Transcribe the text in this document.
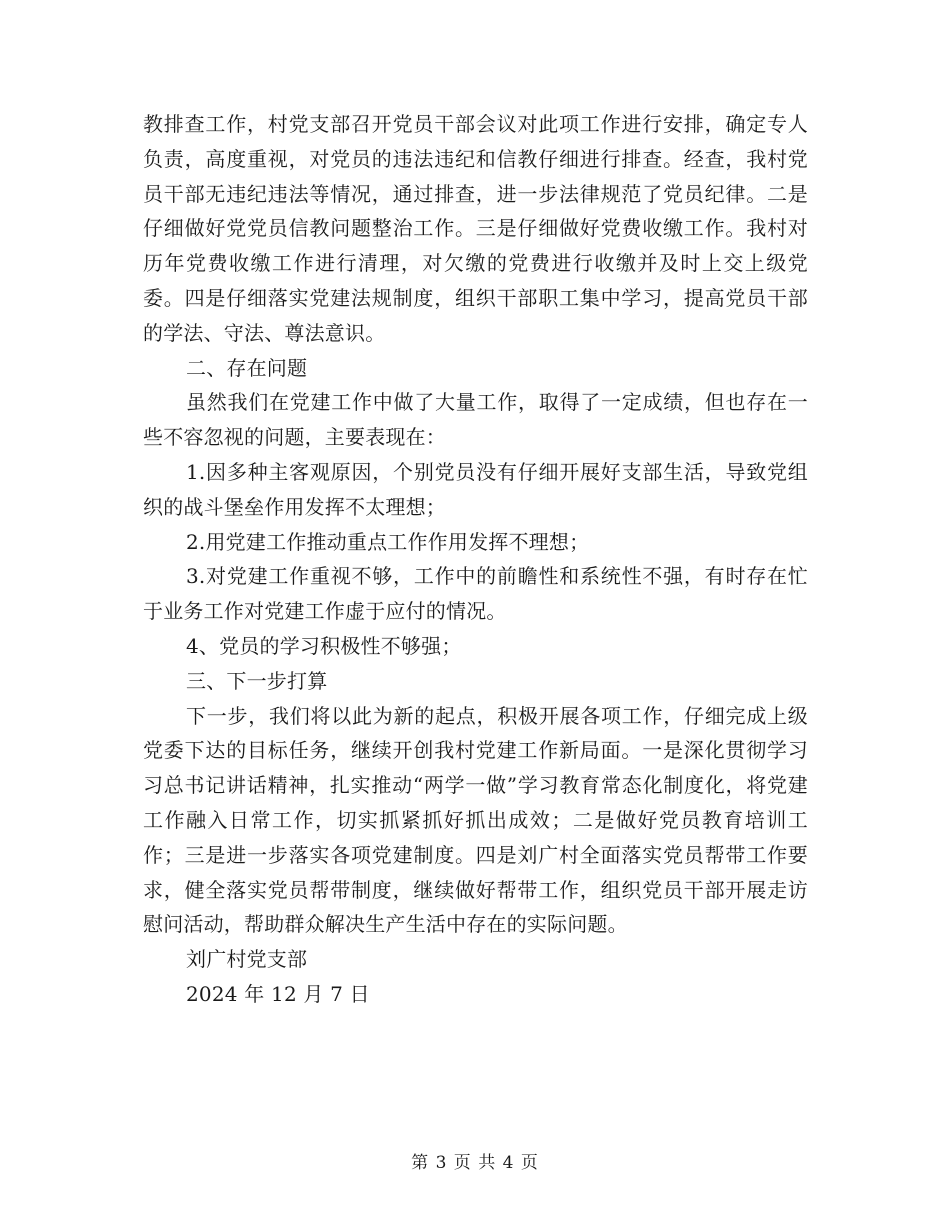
教排查工作，村党支部召开党员干部会议对此项工作进行安排，确定专人负责，高度重视，对党员的违法违纪和信教仔细进行排查。经查，我村党员干部无违纪违法等情况，通过排查，进一步法律规范了党员纪律。二是仔细做好党党员信教问题整治工作。三是仔细做好党费收缴工作。我村对历年党费收缴工作进行清理，对欠缴的党费进行收缴并及时上交上级党委。四是仔细落实党建法规制度，组织干部职工集中学习，提高党员干部的学法、守法、尊法意识。

二、存在问题

虽然我们在党建工作中做了大量工作，取得了一定成绩，但也存在一些不容忽视的问题，主要表现在：

1.因多种主客观原因，个别党员没有仔细开展好支部生活，导致党组织的战斗堡垒作用发挥不太理想；

2.用党建工作推动重点工作作用发挥不理想；

3.对党建工作重视不够，工作中的前瞻性和系统性不强，有时存在忙于业务工作对党建工作虚于应付的情况。

4、党员的学习积极性不够强；

三、下一步打算

下一步，我们将以此为新的起点，积极开展各项工作，仔细完成上级党委下达的目标任务，继续开创我村党建工作新局面。一是深化贯彻学习习总书记讲话精神，扎实推动“两学一做”学习教育常态化制度化，将党建工作融入日常工作，切实抓紧抓好抓出成效；二是做好党员教育培训工作；三是进一步落实各项党建制度。四是刘广村全面落实党员帮带工作要求，健全落实党员帮带制度，继续做好帮带工作，组织党员干部开展走访慰问活动，帮助群众解决生产生活中存在的实际问题。

刘广村党支部

2024 年 12 月 7 日

第 3 页 共 4 页
